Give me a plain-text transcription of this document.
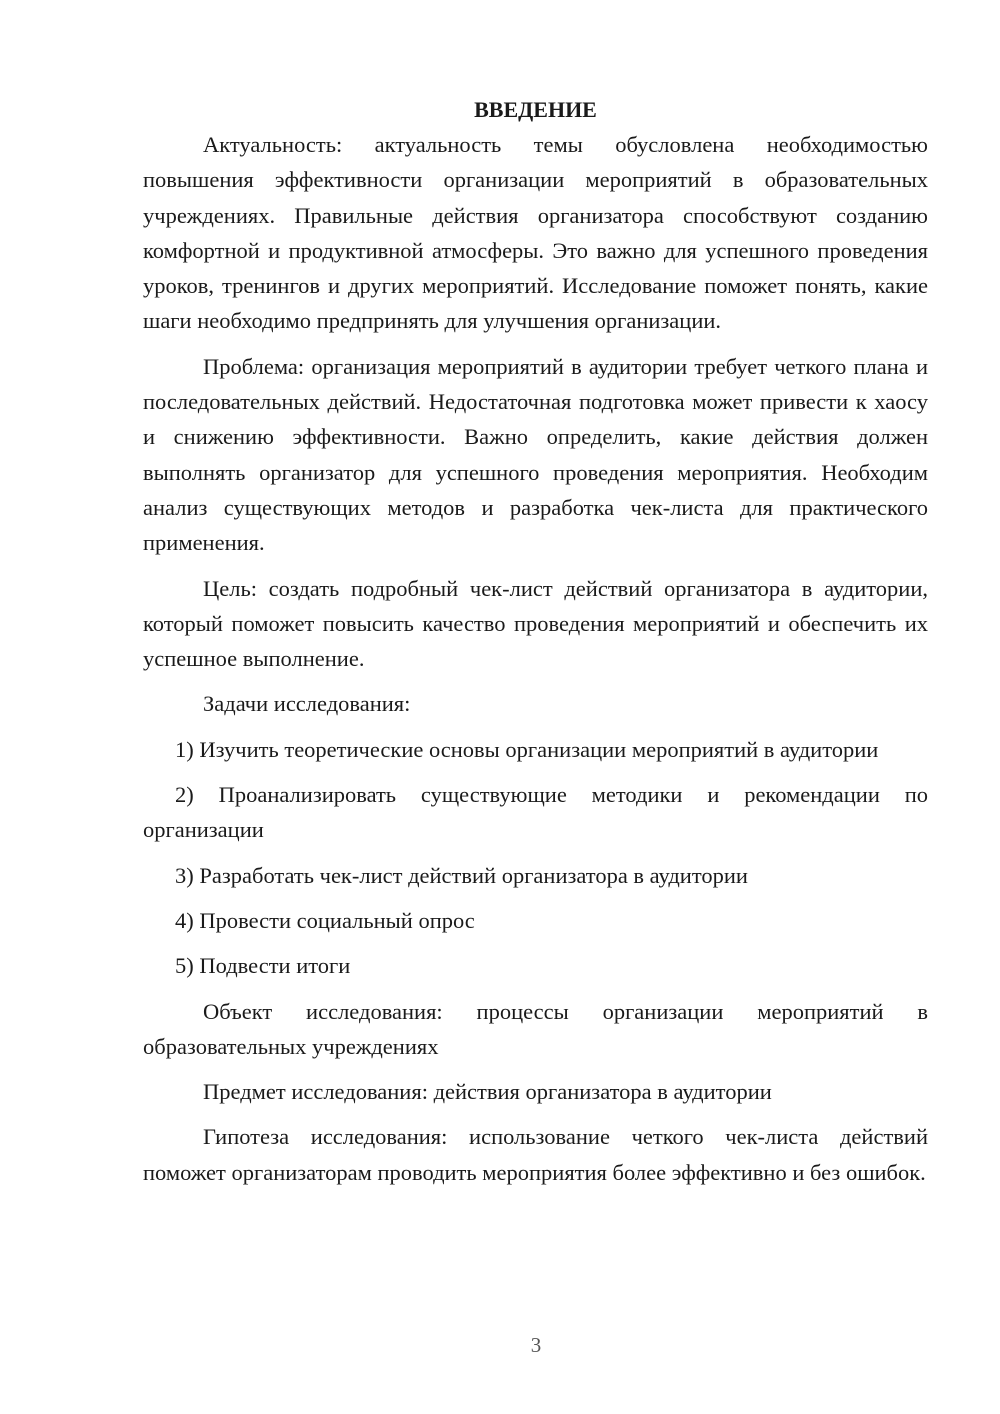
ВВЕДЕНИЕ

Актуальность: актуальность темы обусловлена необходимостью повышения эффективности организации мероприятий в образовательных учреждениях. Правильные действия организатора способствуют созданию комфортной и продуктивной атмосферы. Это важно для успешного проведения уроков, тренингов и других мероприятий. Исследование поможет понять, какие шаги необходимо предпринять для улучшения организации.

Проблема: организация мероприятий в аудитории требует четкого плана и последовательных действий. Недостаточная подготовка может привести к хаосу и снижению эффективности. Важно определить, какие действия должен выполнять организатор для успешного проведения мероприятия. Необходим анализ существующих методов и разработка чек-листа для практического применения.

Цель: создать подробный чек-лист действий организатора в аудитории, который поможет повысить качество проведения мероприятий и обеспечить их успешное выполнение.

Задачи исследования:

1) Изучить теоретические основы организации мероприятий в аудитории

2) Проанализировать существующие методики и рекомендации по организации

3) Разработать чек-лист действий организатора в аудитории

4) Провести социальный опрос

5) Подвести итоги

Объект исследования: процессы организации мероприятий в образовательных учреждениях

Предмет исследования: действия организатора в аудитории

Гипотеза исследования: использование четкого чек-листа действий поможет организаторам проводить мероприятия более эффективно и без ошибок.

3
